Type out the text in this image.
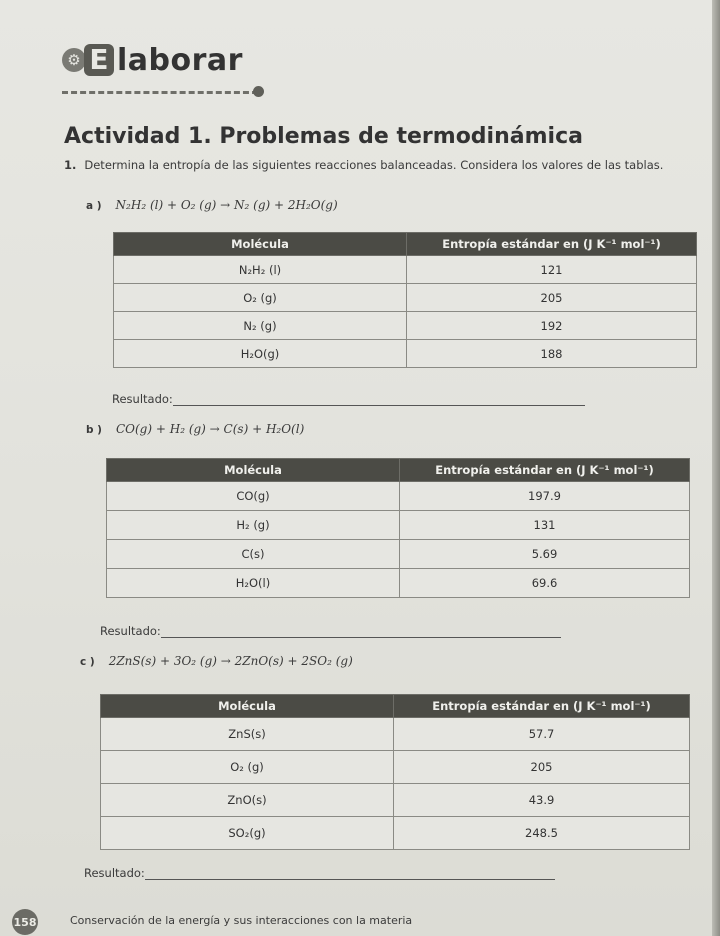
⚙ E laborar
Actividad 1. Problemas de termodinámica
1. Determina la entropía de las siguientes reacciones balanceadas. Considera los valores de las tablas.
a ) N₂H₂ (l) + O₂ (g) → N₂ (g) + 2H₂O(g)
Molécula	Entropía estándar en (J K⁻¹ mol⁻¹)
N₂H₂ (l)	121
O₂ (g)	205
N₂ (g)	192
H₂O(g)	188
Resultado:
b ) CO(g) + H₂ (g) → C(s) + H₂O(l)
Molécula	Entropía estándar en (J K⁻¹ mol⁻¹)
CO(g)	197.9
H₂ (g)	131
C(s)	5.69
H₂O(l)	69.6
Resultado:
c ) 2ZnS(s) + 3O₂ (g) → 2ZnO(s) + 2SO₂ (g)
Molécula	Entropía estándar en (J K⁻¹ mol⁻¹)
ZnS(s)	57.7
O₂ (g)	205
ZnO(s)	43.9
SO₂(g)	248.5
Resultado:
158	Conservación de la energía y sus interacciones con la materia
